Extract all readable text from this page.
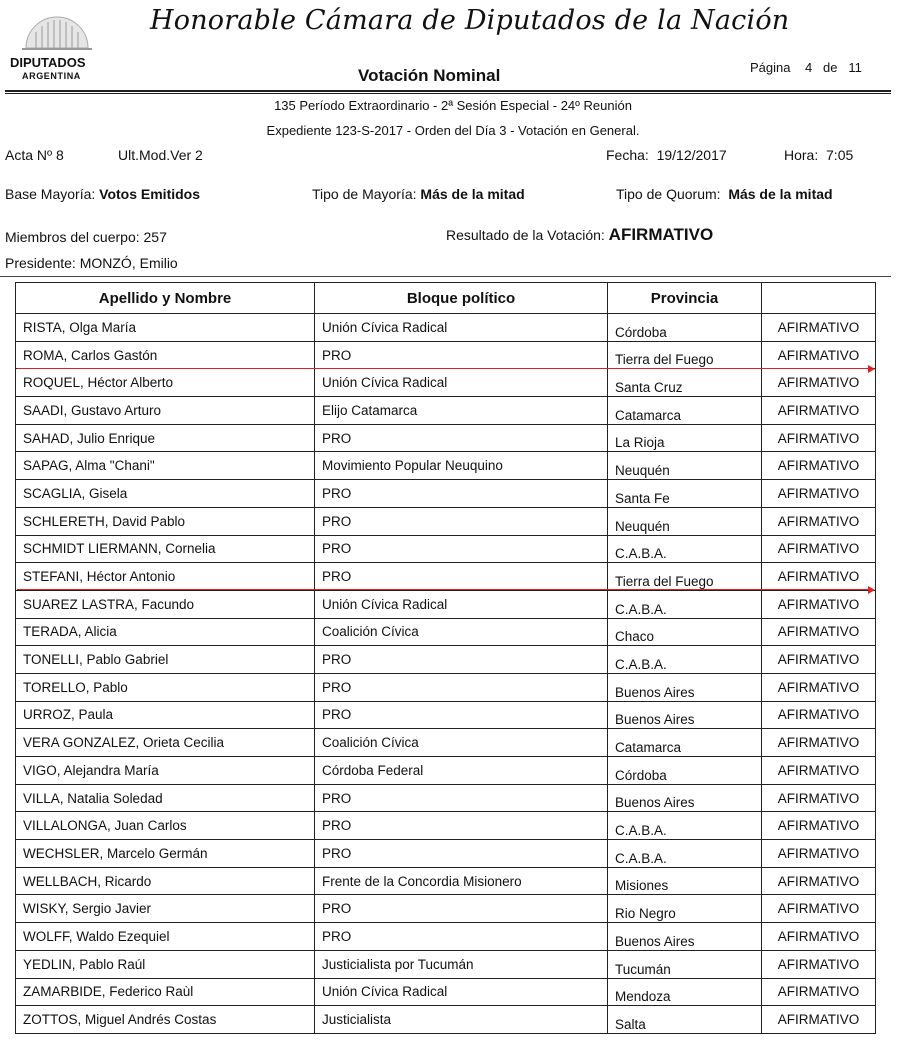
DIPUTADOS
ARGENTINA
Honorable Cámara de Diputados de la Nación
Votación Nominal	Página 4 de 11
135 Período Extraordinario - 2ª Sesión Especial - 24º Reunión
Expediente 123-S-2017 - Orden del Día 3 - Votación en General.
Acta Nº 8	Ult.Mod.Ver 2	Fecha: 19/12/2017	Hora: 7:05
Base Mayoría: Votos Emitidos	Tipo de Mayoría: Más de la mitad	Tipo de Quorum: Más de la mitad
Miembros del cuerpo: 257	Resultado de la Votación: AFIRMATIVO
Presidente: MONZÓ, Emilio
Apellido y Nombre	Bloque político	Provincia	
RISTA, Olga María	Unión Cívica Radical	Córdoba	AFIRMATIVO
ROMA, Carlos Gastón	PRO	Tierra del Fuego	AFIRMATIVO
ROQUEL, Héctor Alberto	Unión Cívica Radical	Santa Cruz	AFIRMATIVO
SAADI, Gustavo Arturo	Elijo Catamarca	Catamarca	AFIRMATIVO
SAHAD, Julio Enrique	PRO	La Rioja	AFIRMATIVO
SAPAG, Alma "Chani"	Movimiento Popular Neuquino	Neuquén	AFIRMATIVO
SCAGLIA, Gisela	PRO	Santa Fe	AFIRMATIVO
SCHLERETH, David Pablo	PRO	Neuquén	AFIRMATIVO
SCHMIDT LIERMANN, Cornelia	PRO	C.A.B.A.	AFIRMATIVO
STEFANI, Héctor Antonio	PRO	Tierra del Fuego	AFIRMATIVO
SUAREZ LASTRA, Facundo	Unión Cívica Radical	C.A.B.A.	AFIRMATIVO
TERADA, Alicia	Coalición Cívica	Chaco	AFIRMATIVO
TONELLI, Pablo Gabriel	PRO	C.A.B.A.	AFIRMATIVO
TORELLO, Pablo	PRO	Buenos Aires	AFIRMATIVO
URROZ, Paula	PRO	Buenos Aires	AFIRMATIVO
VERA GONZALEZ, Orieta Cecilia	Coalición Cívica	Catamarca	AFIRMATIVO
VIGO, Alejandra María	Córdoba Federal	Córdoba	AFIRMATIVO
VILLA, Natalia Soledad	PRO	Buenos Aires	AFIRMATIVO
VILLALONGA, Juan Carlos	PRO	C.A.B.A.	AFIRMATIVO
WECHSLER, Marcelo Germán	PRO	C.A.B.A.	AFIRMATIVO
WELLBACH, Ricardo	Frente de la Concordia Misionero	Misiones	AFIRMATIVO
WISKY, Sergio Javier	PRO	Rio Negro	AFIRMATIVO
WOLFF, Waldo Ezequiel	PRO	Buenos Aires	AFIRMATIVO
YEDLIN, Pablo Raúl	Justicialista por Tucumán	Tucumán	AFIRMATIVO
ZAMARBIDE, Federico Raùl	Unión Cívica Radical	Mendoza	AFIRMATIVO
ZOTTOS, Miguel Andrés Costas	Justicialista	Salta	AFIRMATIVO
